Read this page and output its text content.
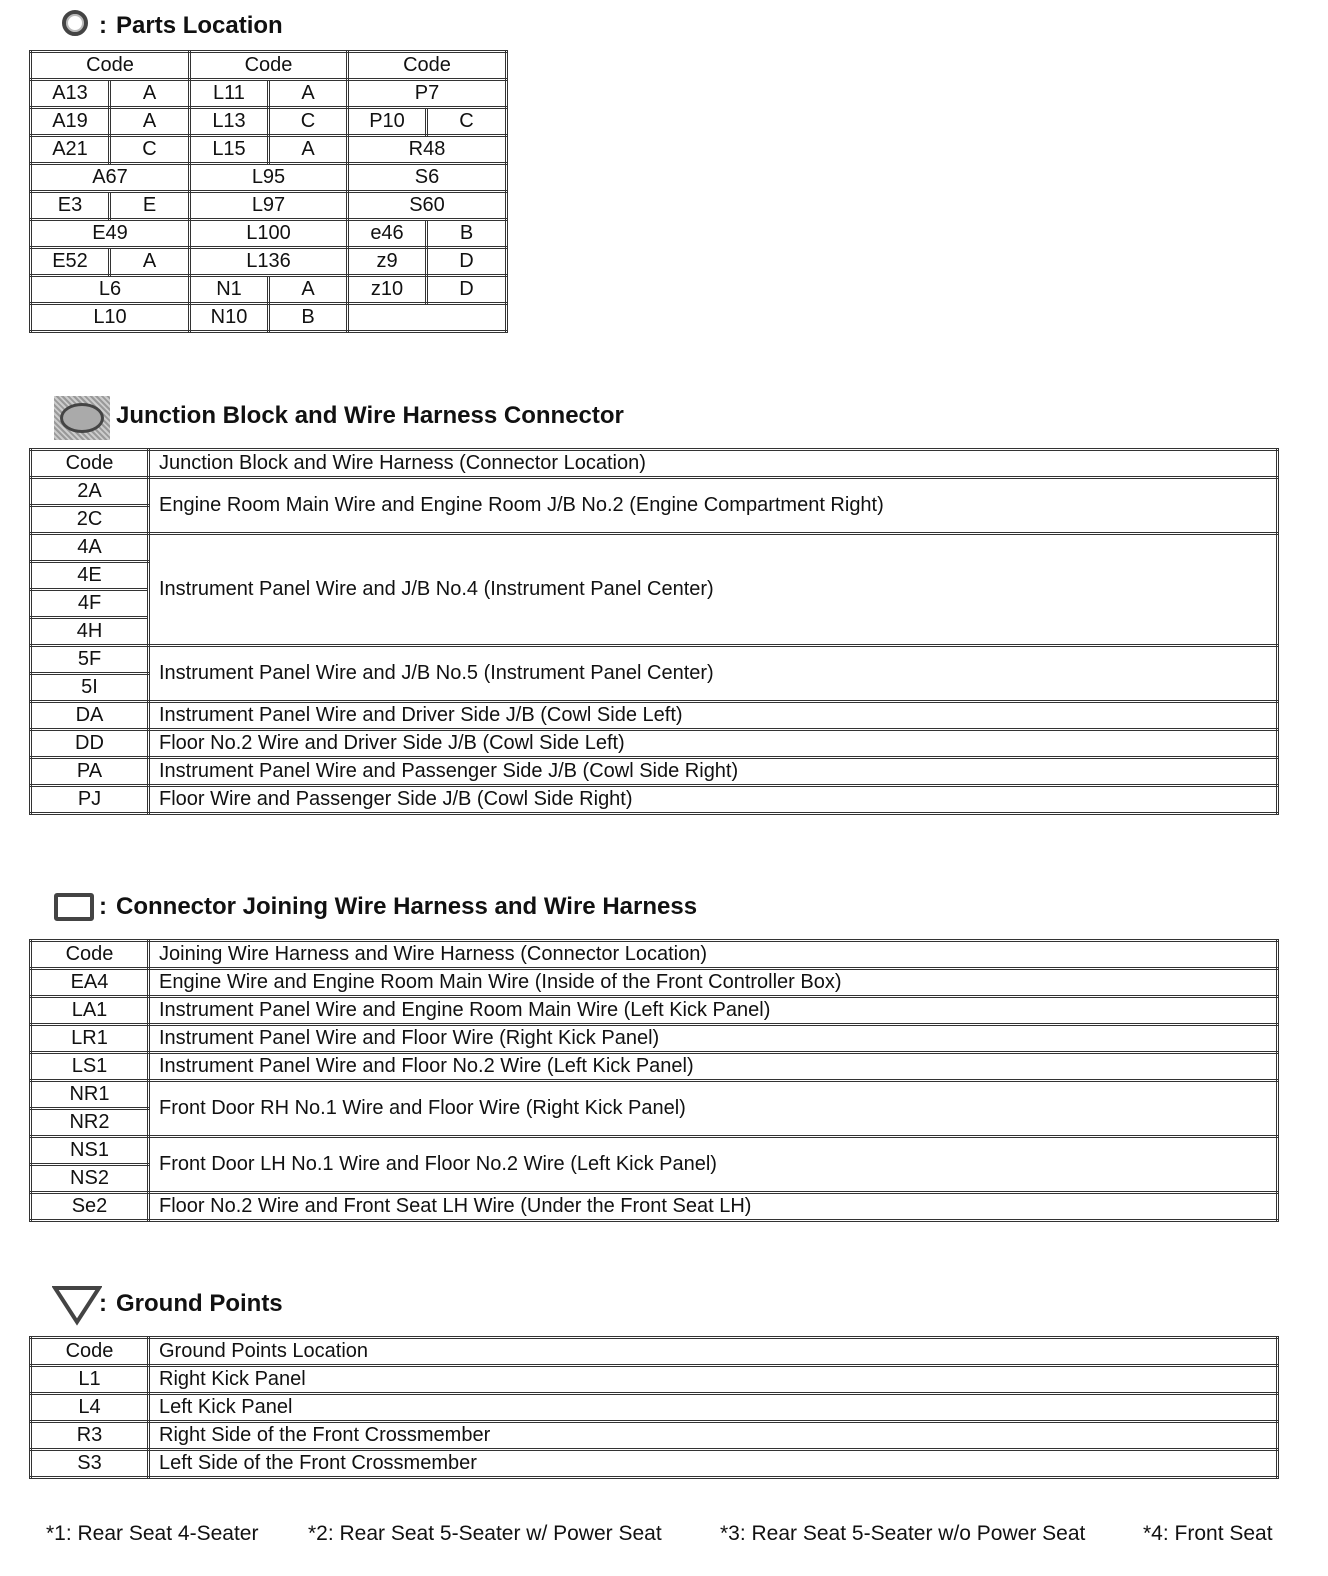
: Parts Location
Code		Code		Code	
A13	A	L11	A	P7	
A19	A	L13	C	P10	C
A21	C	L15	A	R48	
A67		L95		S6	
E3	E	L97		S60	
E49		L100		e46	B
E52	A	L136		z9	D
L6		N1	A	z10	D
L10		N10	B		
Junction Block and Wire Harness Connector
Code	Junction Block and Wire Harness (Connector Location)
2A	Engine Room Main Wire and Engine Room J/B No.2 (Engine Compartment Right)
2C	
4A	Instrument Panel Wire and J/B No.4 (Instrument Panel Center)
4E	
4F	
4H	
5F	Instrument Panel Wire and J/B No.5 (Instrument Panel Center)
5I	
DA	Instrument Panel Wire and Driver Side J/B (Cowl Side Left)
DD	Floor No.2 Wire and Driver Side J/B (Cowl Side Left)
PA	Instrument Panel Wire and Passenger Side J/B (Cowl Side Right)
PJ	Floor Wire and Passenger Side J/B (Cowl Side Right)
: Connector Joining Wire Harness and Wire Harness
Code	Joining Wire Harness and Wire Harness (Connector Location)
EA4	Engine Wire and Engine Room Main Wire (Inside of the Front Controller Box)
LA1	Instrument Panel Wire and Engine Room Main Wire (Left Kick Panel)
LR1	Instrument Panel Wire and Floor Wire (Right Kick Panel)
LS1	Instrument Panel Wire and Floor No.2 Wire (Left Kick Panel)
NR1	Front Door RH No.1 Wire and Floor Wire (Right Kick Panel)
NR2	
NS1	Front Door LH No.1 Wire and Floor No.2 Wire (Left Kick Panel)
NS2	
Se2	Floor No.2 Wire and Front Seat LH Wire (Under the Front Seat LH)
: Ground Points
Code	Ground Points Location
L1	Right Kick Panel
L4	Left Kick Panel
R3	Right Side of the Front Crossmember
S3	Left Side of the Front Crossmember
*1: Rear Seat 4-Seater *2: Rear Seat 5-Seater w/ Power Seat	*3: Rear Seat 5-Seater w/o Power Seat	*4: Front Seat
